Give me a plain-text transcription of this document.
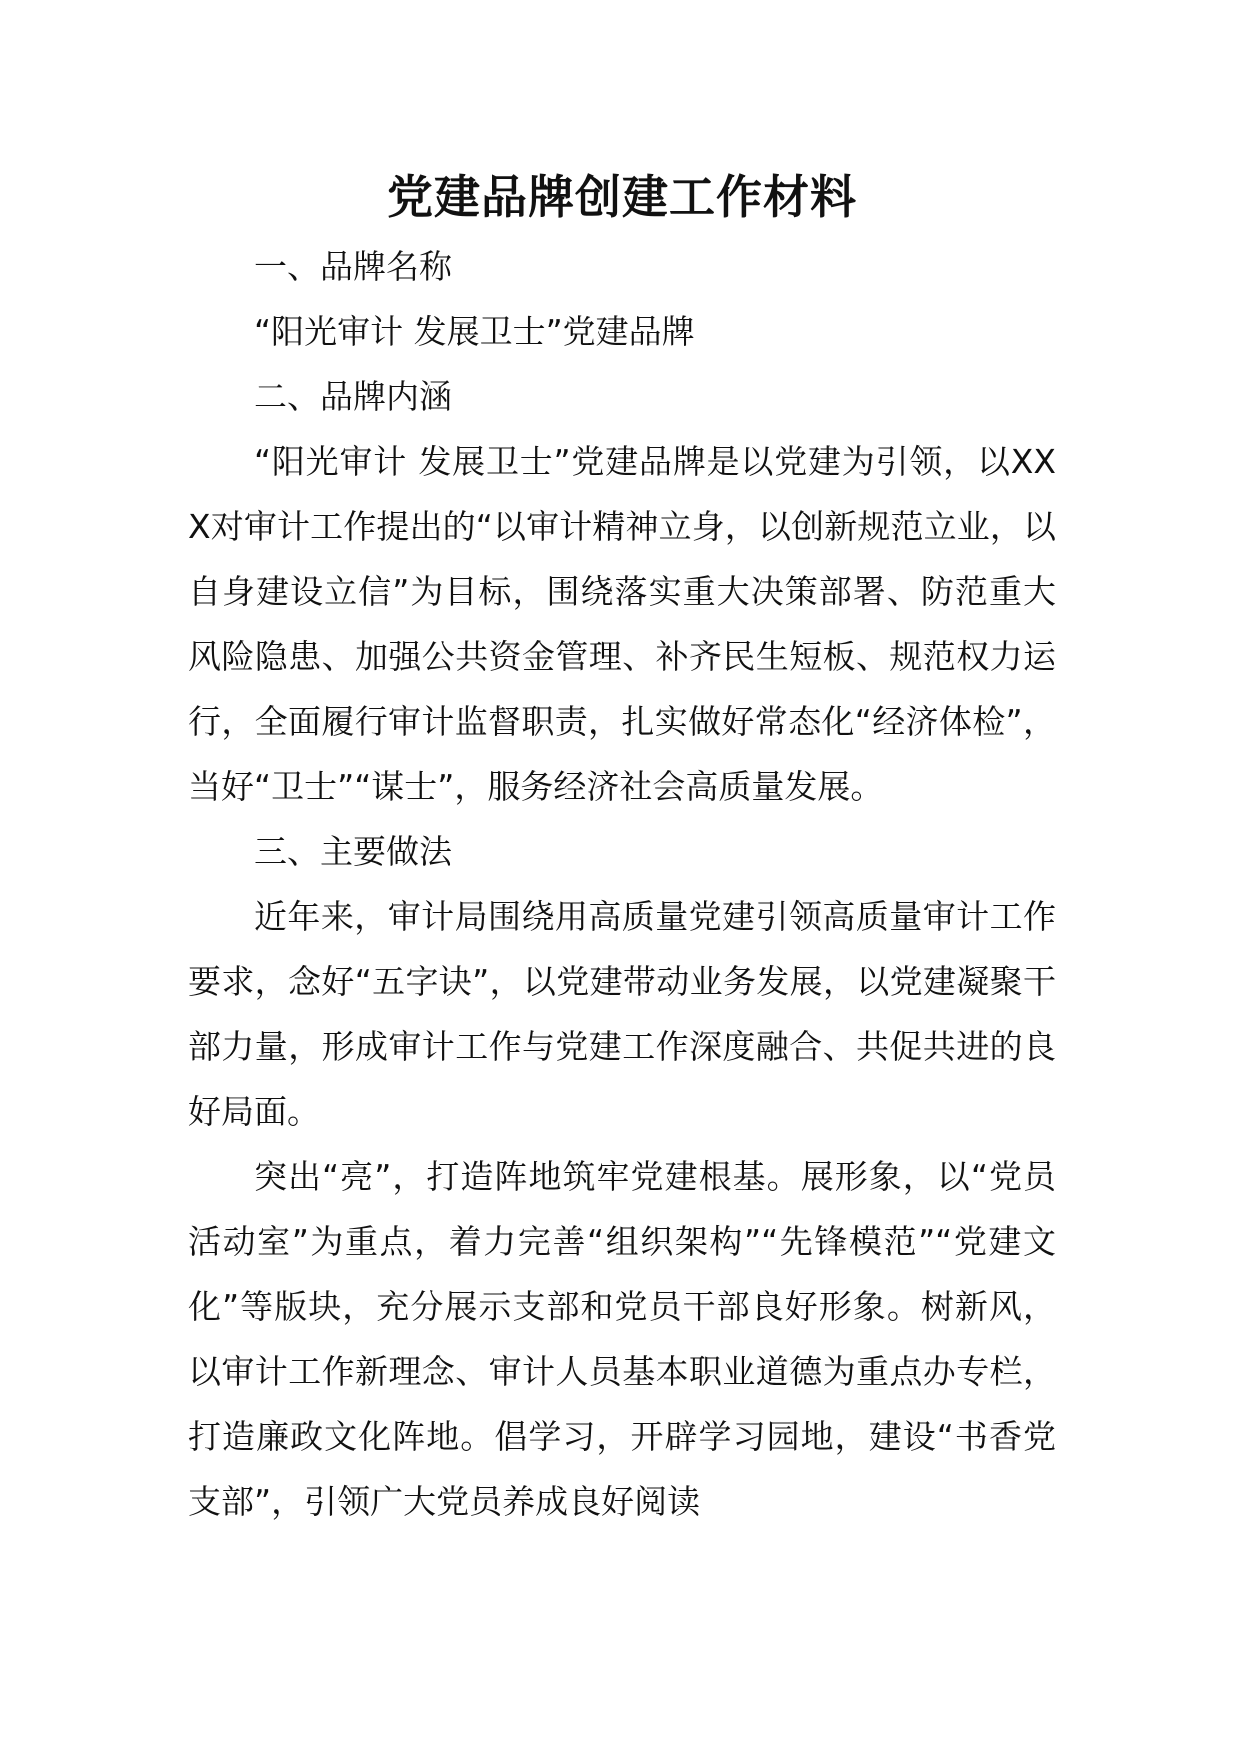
党建品牌创建工作材料

一、品牌名称

“阳光审计 发展卫士”党建品牌

二、品牌内涵

“阳光审计 发展卫士”党建品牌是以党建为引领，以XXX对审计工作提出的“以审计精神立身，以创新规范立业，以自身建设立信”为目标，围绕落实重大决策部署、防范重大风险隐患、加强公共资金管理、补齐民生短板、规范权力运行，全面履行审计监督职责，扎实做好常态化“经济体检”，当好“卫士”“谋士”，服务经济社会高质量发展。

三、主要做法

近年来，审计局围绕用高质量党建引领高质量审计工作要求，念好“五字诀”，以党建带动业务发展，以党建凝聚干部力量，形成审计工作与党建工作深度融合、共促共进的良好局面。

突出“亮”，打造阵地筑牢党建根基。展形象，以“党员活动室”为重点，着力完善“组织架构”“先锋模范”“党建文化”等版块，充分展示支部和党员干部良好形象。树新风，以审计工作新理念、审计人员基本职业道德为重点办专栏，打造廉政文化阵地。倡学习，开辟学习园地，建设“书香党支部”，引领广大党员养成良好阅读
